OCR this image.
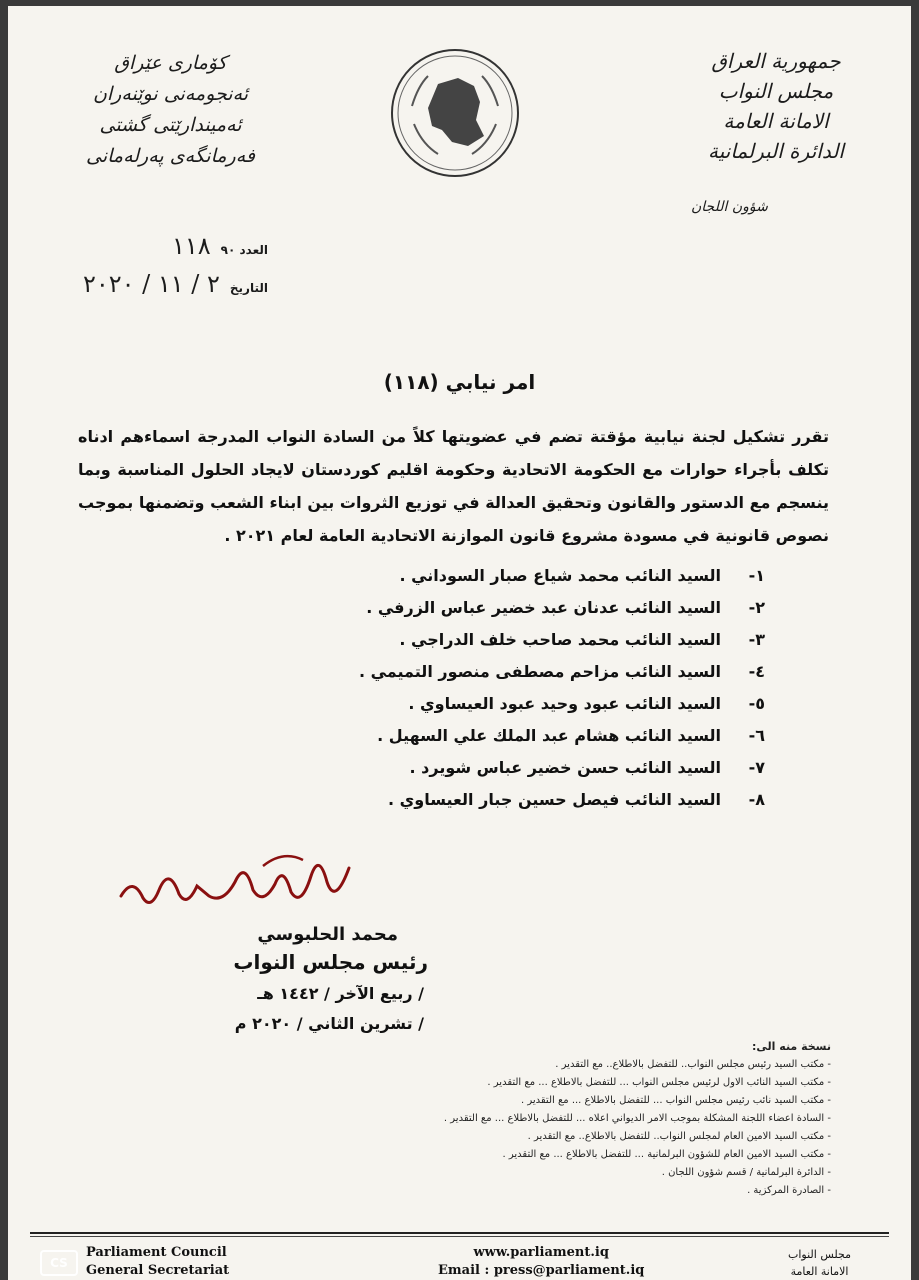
جمهورية العراق
مجلس النواب
الامانة العامة
الدائرة البرلمانية
شؤون اللجان
كۆماری عێراق
ئەنجومەنی نوێنەران
ئەمیندارێتی گشتی
فەرمانگەی پەرلەمانی
العدد ٩٠
١١٨
التاريخ
٢ / ١١ / ٢٠٢٠
امر نيابي (١١٨)
تقرر تشكيل لجنة نيابية مؤقتة تضم في عضويتها كلاً من السادة النواب المدرجة اسماءهم ادناه تكلف بأجراء حوارات مع الحكومة الاتحادية وحكومة اقليم كوردستان لايجاد الحلول المناسبة وبما ينسجم مع الدستور والقانون وتحقيق العدالة في توزيع الثروات بين ابناء الشعب وتضمنها بموجب نصوص قانونية في مسودة مشروع قانون الموازنة الاتحادية العامة لعام ٢٠٢١ .
١-
السيد النائب محمد شياع صبار السوداني .
٢-
السيد النائب عدنان عبد خضير عباس الزرفي .
٣-
السيد النائب محمد صاحب خلف الدراجي .
٤-
السيد النائب مزاحم مصطفى منصور التميمي .
٥-
السيد النائب عبود وحيد عبود العيساوي .
٦-
السيد النائب هشام عبد الملك علي السهيل .
٧-
السيد النائب حسن خضير عباس شويرد .
٨-
السيد النائب فيصل حسين جبار العيساوي .
محمد الحلبوسي
رئيس مجلس النواب
/ ربيع الآخر / ١٤٤٢ هـ
/ تشرين الثاني / ٢٠٢٠ م
نسخة منه الى:
- مكتب السيد رئيس مجلس النواب.. للتفضل بالاطلاع.. مع التقدير .
- مكتب السيد النائب الاول لرئيس مجلس النواب ... للتفضل بالاطلاع ... مع التقدير .
- مكتب السيد نائب رئيس مجلس النواب ... للتفضل بالاطلاع ... مع التقدير .
- السادة اعضاء اللجنة المشكلة بموجب الامر الديواني اعلاه ... للتفضل بالاطلاع ... مع التقدير .
- مكتب السيد الامين العام لمجلس النواب.. للتفضل بالاطلاع.. مع التقدير .
- مكتب السيد الامين العام للشؤون البرلمانية ... للتفضل بالاطلاع ... مع التقدير .
- الدائرة البرلمانية / قسم شؤون اللجان .
- الصادرة المركزية .
Parliament Council
General Secretariat
www.parliament.iq
Email : press@parliament.iq
مجلس النواب
الامانة العامة
CS
